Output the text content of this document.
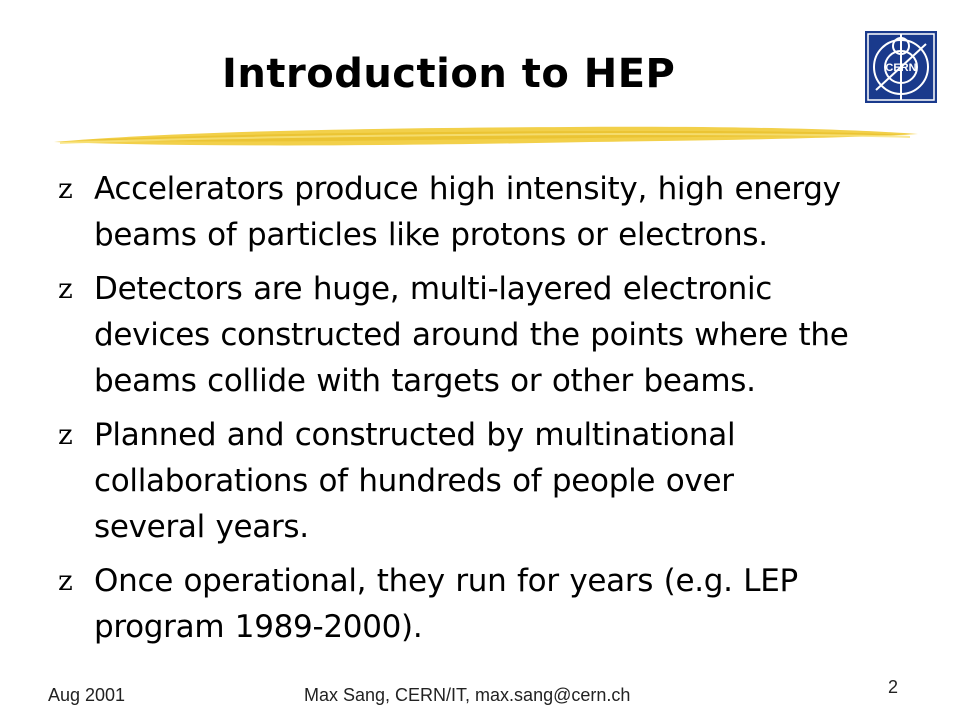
Introduction to HEP	CERN
z Accelerators produce high intensity, high energy
beams of particles like protons or electrons.
z Detectors are huge, multi-layered electronic
devices constructed around the points where the
beams collide with targets or other beams.
z Planned and constructed by multinational
collaborations of hundreds of people over
several years.
z Once operational, they run for years (e.g. LEP
program 1989-2000).
Aug 2001	Max Sang, CERN/IT, max.sang@cern.ch	2
